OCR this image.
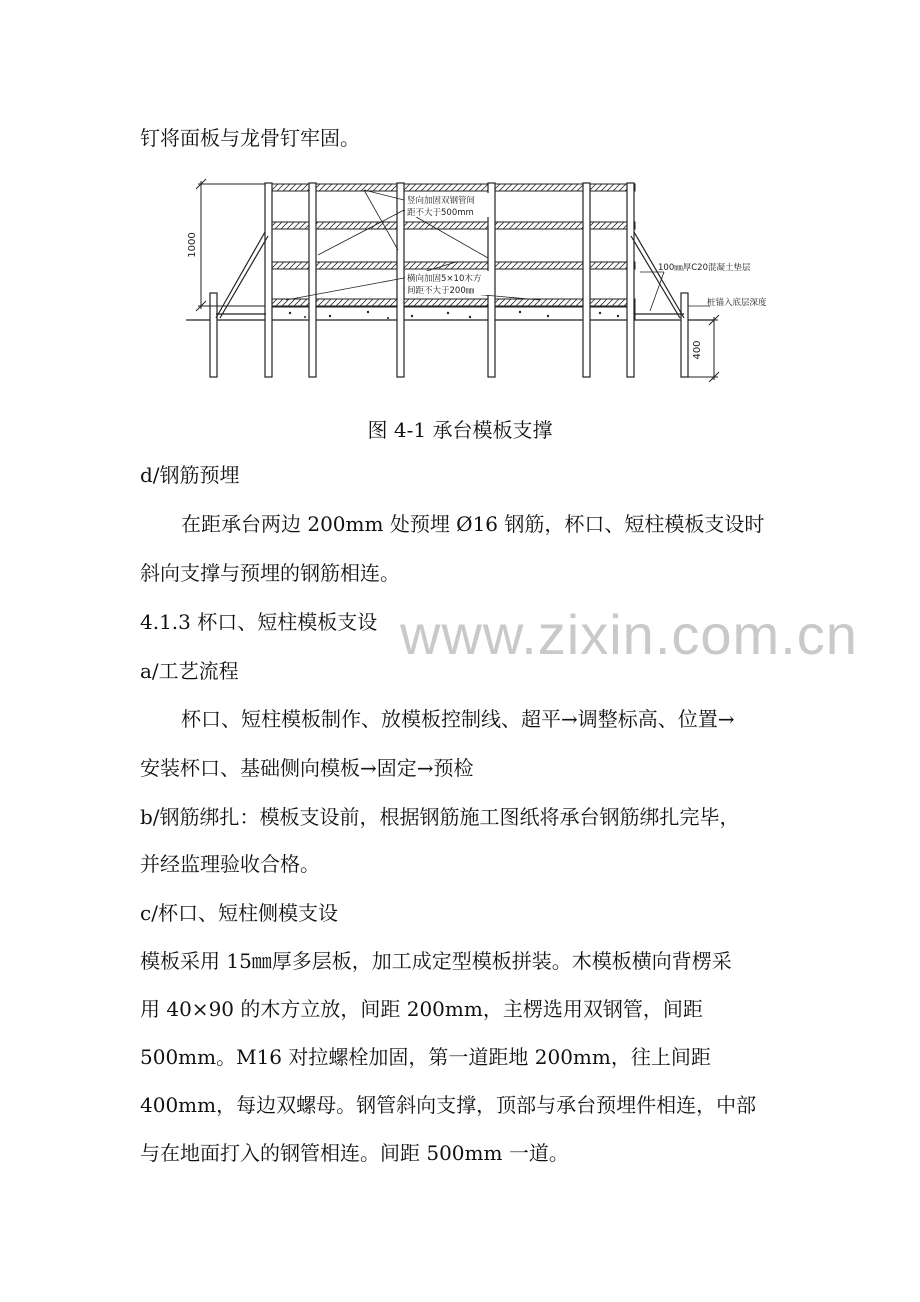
钉将面板与龙骨钉牢固。
1000
400
竖向加固双钢管间
距不大于500mm
横向加固5×10木方
间距不大于200㎜
100㎜厚C20混凝土垫层
桩锚入底层深度
图 4-1 承台模板支撑
d/钢筋预埋
在距承台两边 200mm 处预埋 Ø16 钢筋，杯口、短柱模板支设时
斜向支撑与预埋的钢筋相连。
4.1.3 杯口、短柱模板支设 www.zixin.com.cn
a/工艺流程
杯口、短柱模板制作、放模板控制线、超平→调整标高、位置→
安装杯口、基础侧向模板→固定→预检
b/钢筋绑扎：模板支设前，根据钢筋施工图纸将承台钢筋绑扎完毕，
并经监理验收合格。
c/杯口、短柱侧模支设
模板采用 15㎜厚多层板，加工成定型模板拼装。木模板横向背楞采
用 40×90 的木方立放，间距 200mm，主楞选用双钢管，间距
500mm。M16 对拉螺栓加固，第一道距地 200mm，往上间距
400mm，每边双螺母。钢管斜向支撑，顶部与承台预埋件相连，中部
与在地面打入的钢管相连。间距 500mm 一道。
